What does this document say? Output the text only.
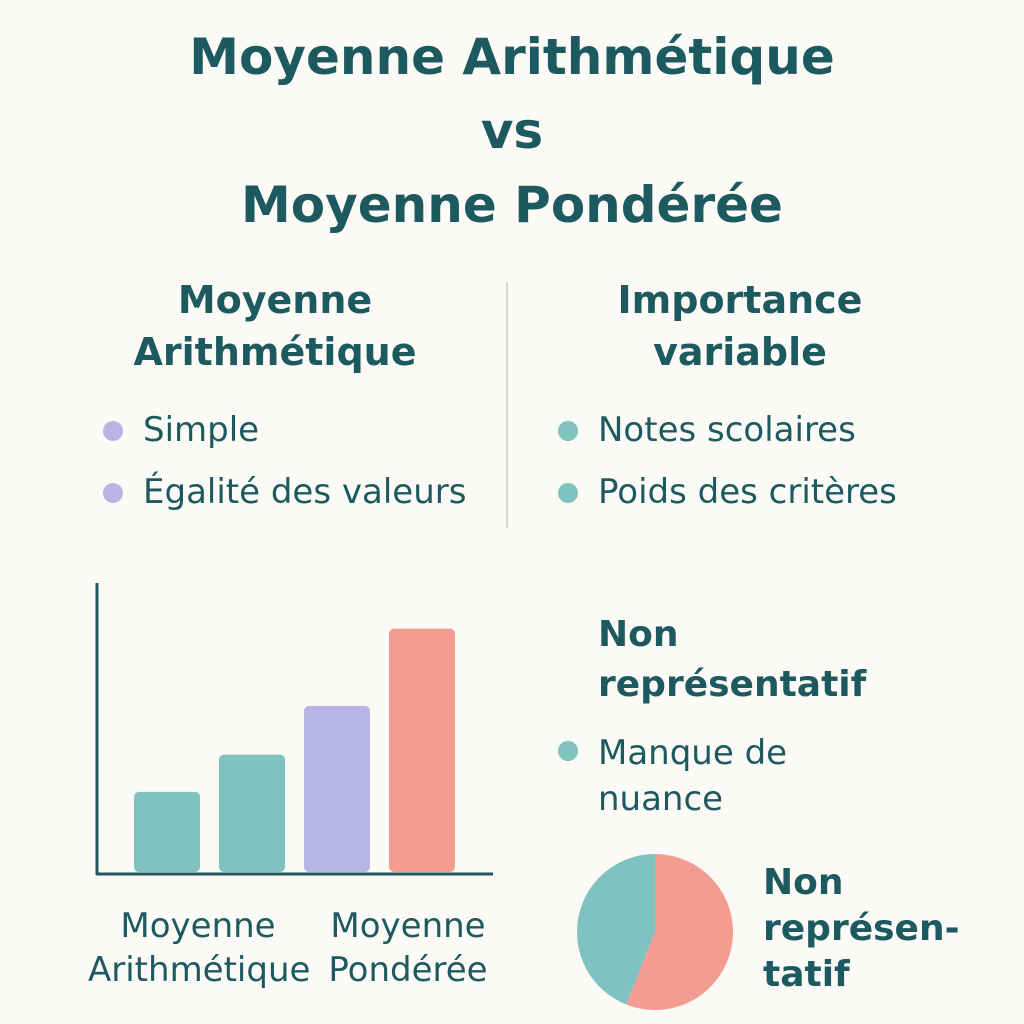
Moyenne Arithmétique
vs
Moyenne Pondérée
Moyenne
Arithmétique
Importance
variable
Simple
Égalité des valeurs
Notes scolaires
Poids des critères
Moyenne
Arithmétique
Moyenne
Pondérée
Non
représentatif
Manque de
nuance
Non
représen-
tatif
